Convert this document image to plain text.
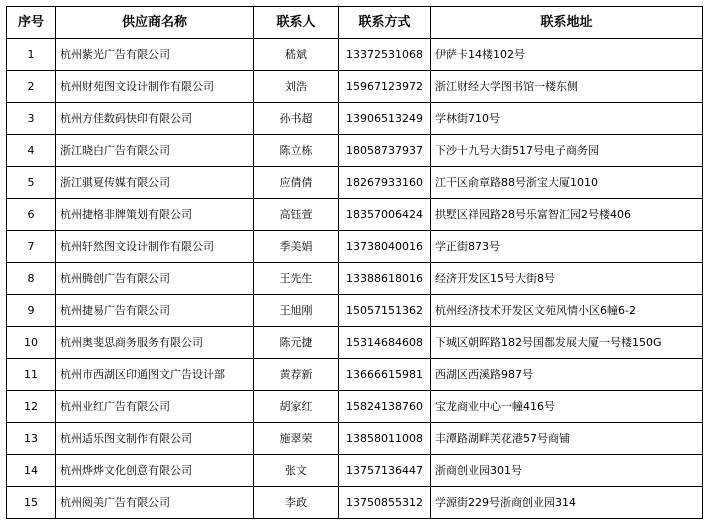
序号	供应商名称	联系人	联系方式	联系地址
1	杭州紫光广告有限公司	嵇斌	13372531068	伊萨卡14楼102号
2	杭州财苑图文设计制作有限公司	刘浩	15967123972	浙江财经大学图书馆一楼东侧
3	杭州方佳数码快印有限公司	孙书超	13906513249	学林街710号
4	浙江晓白广告有限公司	陈立栋	18058737937	下沙十九号大街517号电子商务园
5	浙江骐夏传媒有限公司	应倩倩	18267933160	江干区俞章路88号浙宝大厦1010
6	杭州捷格非牌策划有限公司	高钰萱	18357006424	拱墅区祥园路28号乐富智汇园2号楼406
7	杭州轩然图文设计制作有限公司	季美娟	13738040016	学正街873号
8	杭州腾创广告有限公司	王先生	13388618016	经济开发区15号大街8号
9	杭州捷易广告有限公司	王旭刚	15057151362	杭州经济技术开发区文苑风情小区6幢6-2
10	杭州奥斐思商务服务有限公司	陈元捷	15314684608	下城区朝晖路182号国都发展大厦一号楼150G
11	杭州市西湖区印通图文广告设计部	黄荐新	13666615981	西湖区西溪路987号
12	杭州业红广告有限公司	胡家红	15824138760	宝龙商业中心一幢416号
13	杭州适乐图文制作有限公司	施翠荣	13858011008	丰潭路湖畔芙花港57号商铺
14	杭州烨烨文化创意有限公司	张文	13757136447	浙商创业园301号
15	杭州阅美广告有限公司	李政	13750855312	学源街229号浙商创业园314
